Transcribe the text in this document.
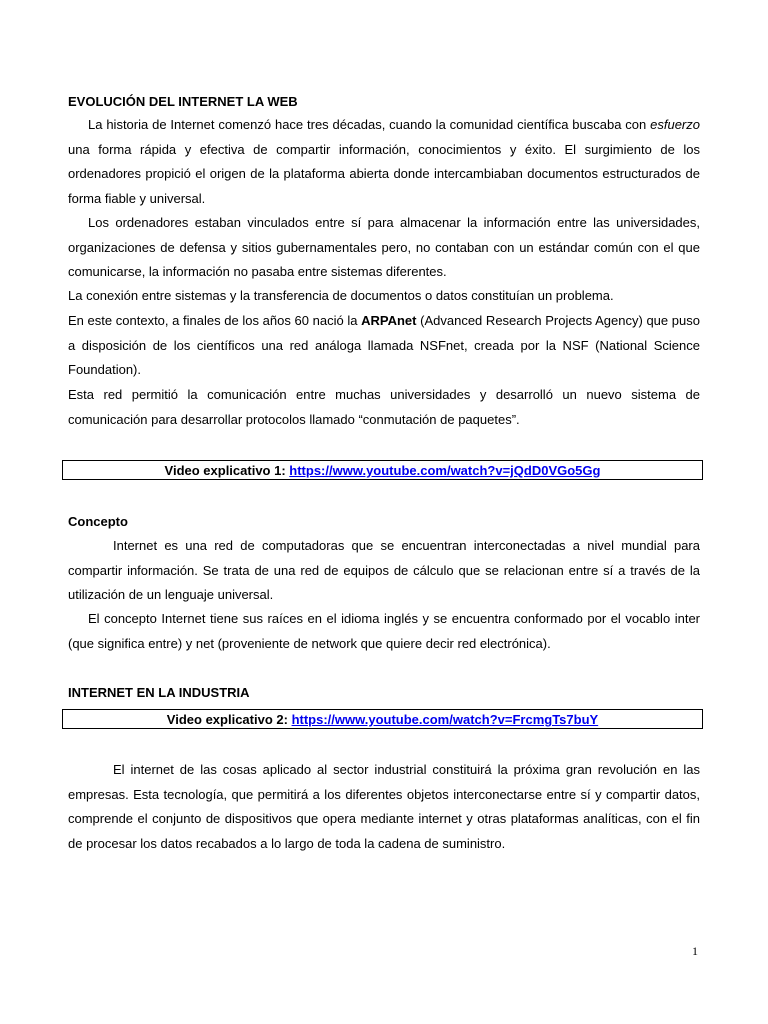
EVOLUCIÓN DEL INTERNET LA WEB
La historia de Internet comenzó hace tres décadas, cuando la comunidad científica buscaba con esfuerzo una forma rápida y efectiva de compartir información, conocimientos y éxito. El surgimiento de los ordenadores propició el origen de la plataforma abierta donde intercambiaban documentos estructurados de forma fiable y universal.
Los ordenadores estaban vinculados entre sí para almacenar la información entre las universidades, organizaciones de defensa y sitios gubernamentales pero, no contaban con un estándar común con el que comunicarse, la información no pasaba entre sistemas diferentes.
La conexión entre sistemas y la transferencia de documentos o datos constituían un problema.
En este contexto, a finales de los años 60 nació la ARPAnet (Advanced Research Projects Agency) que puso a disposición de los científicos una red análoga llamada NSFnet, creada por la NSF (National Science Foundation).
Esta red permitió la comunicación entre muchas universidades y desarrolló un nuevo sistema de comunicación para desarrollar protocolos llamado “conmutación de paquetes”.
Video explicativo 1: https://www.youtube.com/watch?v=jQdD0VGo5Gg
Concepto
Internet es una red de computadoras que se encuentran interconectadas a nivel mundial para compartir información. Se trata de una red de equipos de cálculo que se relacionan entre sí a través de la utilización de un lenguaje universal.
El concepto Internet tiene sus raíces en el idioma inglés y se encuentra conformado por el vocablo inter (que significa entre) y net (proveniente de network que quiere decir red electrónica).
INTERNET EN LA INDUSTRIA
Video explicativo 2: https://www.youtube.com/watch?v=FrcmgTs7buY
El internet de las cosas aplicado al sector industrial constituirá la próxima gran revolución en las empresas. Esta tecnología, que permitirá a los diferentes objetos interconectarse entre sí y compartir datos, comprende el conjunto de dispositivos que opera mediante internet y otras plataformas analíticas, con el fin de procesar los datos recabados a lo largo de toda la cadena de suministro.
1
